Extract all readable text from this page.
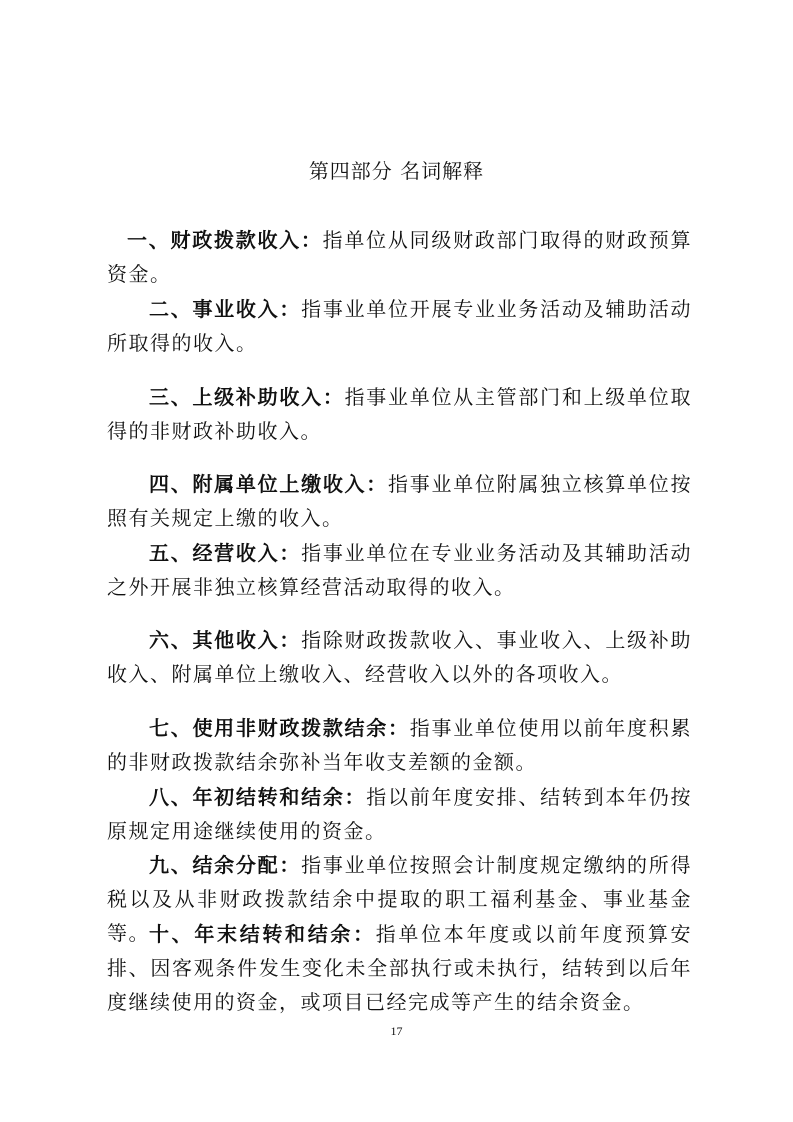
第四部分 名词解释

一、财政拨款收入：指单位从同级财政部门取得的财政预算资金。

二、事业收入：指事业单位开展专业业务活动及辅助活动所取得的收入。

三、上级补助收入：指事业单位从主管部门和上级单位取得的非财政补助收入。

四、附属单位上缴收入：指事业单位附属独立核算单位按照有关规定上缴的收入。

五、经营收入：指事业单位在专业业务活动及其辅助活动之外开展非独立核算经营活动取得的收入。

六、其他收入：指除财政拨款收入、事业收入、上级补助收入、附属单位上缴收入、经营收入以外的各项收入。

七、使用非财政拨款结余：指事业单位使用以前年度积累的非财政拨款结余弥补当年收支差额的金额。

八、年初结转和结余：指以前年度安排、结转到本年仍按原规定用途继续使用的资金。

九、结余分配：指事业单位按照会计制度规定缴纳的所得税以及从非财政拨款结余中提取的职工福利基金、事业基金等。 十、年末结转和结余：指单位本年度或以前年度预算安排、因客观条件发生变化未全部执行或未执行，结转到以后年度继续使用的资金，或项目已经完成等产生的结余资金。

17
